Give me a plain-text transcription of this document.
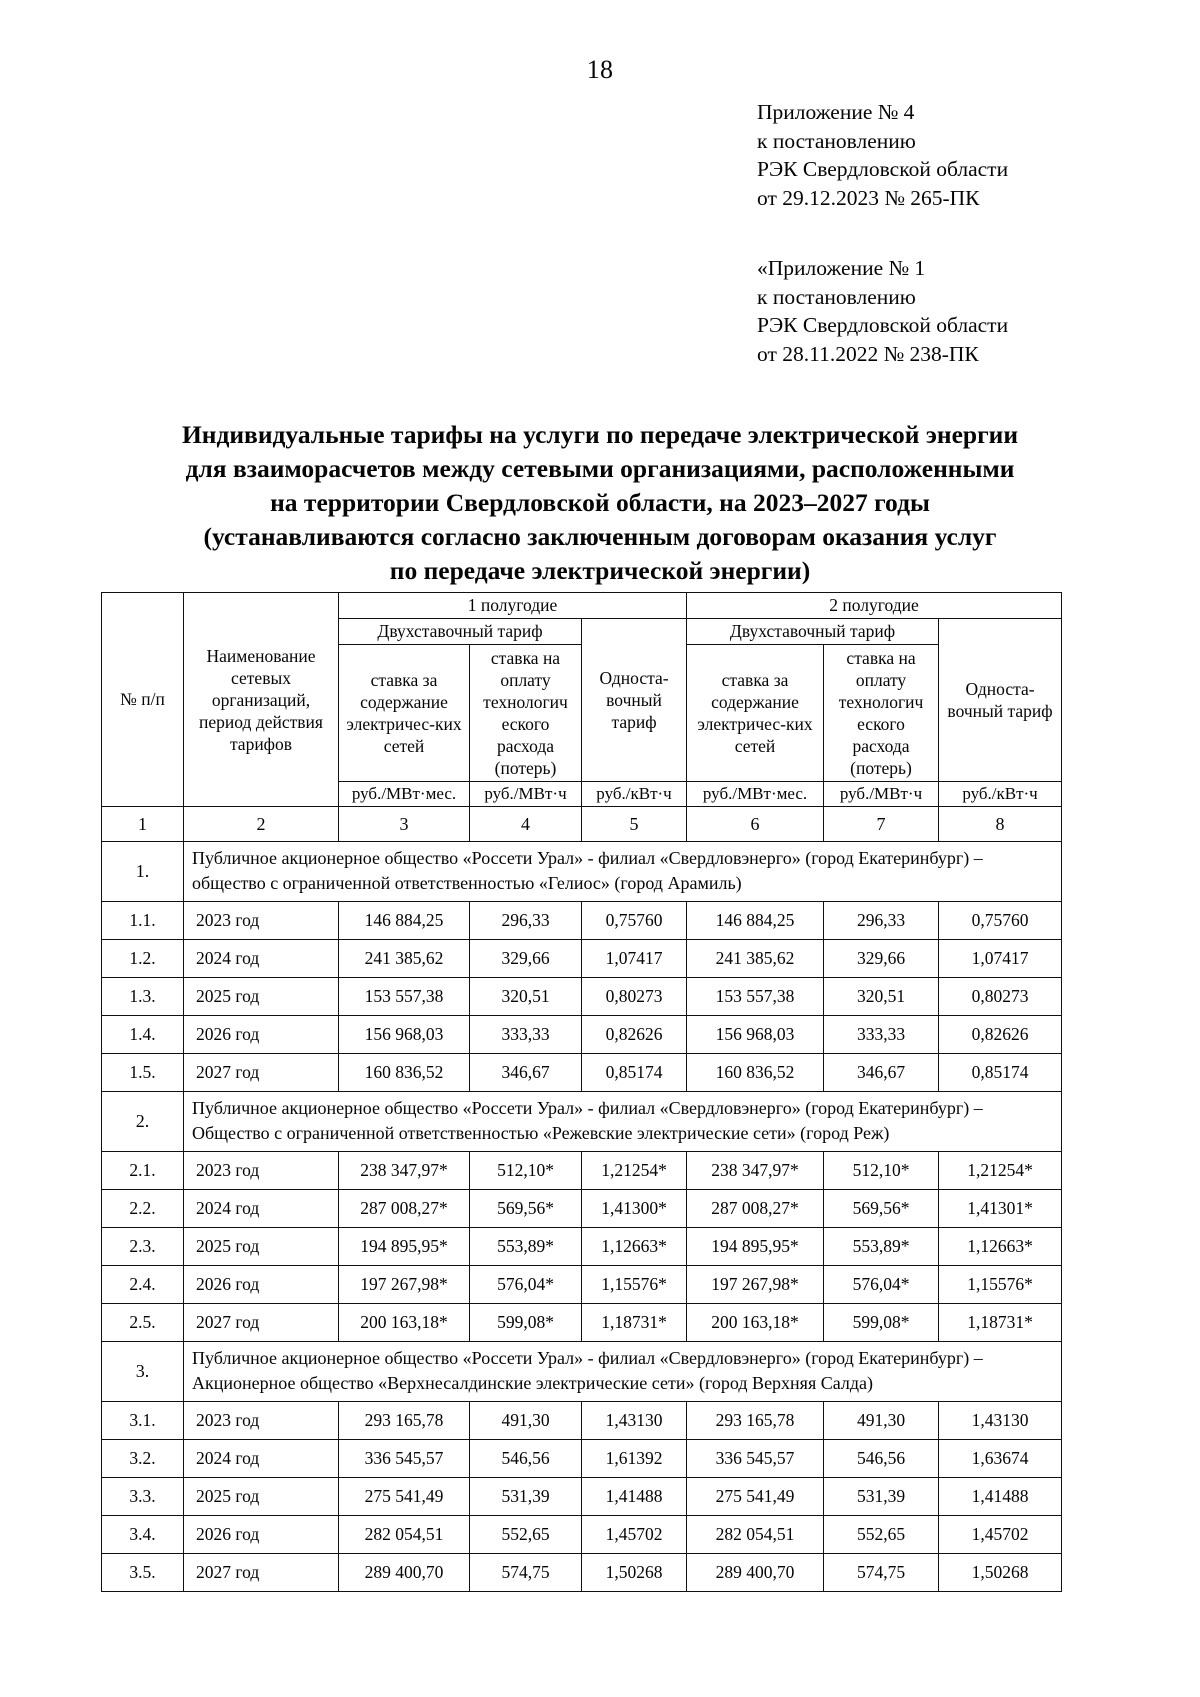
18
Приложение № 4
к постановлению
РЭК Свердловской области
от 29.12.2023 № 265-ПК
«Приложение № 1
к постановлению
РЭК Свердловской области
от 28.11.2022 № 238-ПК
Индивидуальные тарифы на услуги по передаче электрической энергии
для взаиморасчетов между сетевыми организациями, расположенными
на территории Свердловской области, на 2023–2027 годы
(устанавливаются согласно заключенным договорам оказания услуг
по передаче электрической энергии)
№ п/п	Наименование сетевых организаций, период действия тарифов	1 полугодие			2 полугодие		
		Двухставочный тариф		Односта-вочный тариф	Двухставочный тариф		Односта-вочный тариф
		ставка за содержание электричес-ких сетей	ставка на оплату технологич еского расхода (потерь)		ставка за содержание электричес-ких сетей	ставка на оплату технологич еского расхода (потерь)	
		руб./МВт·мес.	руб./МВт·ч	руб./кВт·ч	руб./МВт·мес.	руб./МВт·ч	руб./кВт·ч
1	2	3	4	5	6	7	8
1.	Публичное акционерное общество «Россети Урал» - филиал «Свердловэнерго» (город Екатеринбург) –
общество с ограниченной ответственностью «Гелиос» (город Арамиль)						

1.1.	2023 год	146 884,25	296,33	0,75760	146 884,25	296,33	0,75760
1.2.	2024 год	241 385,62	329,66	1,07417	241 385,62	329,66	1,07417
1.3.	2025 год	153 557,38	320,51	0,80273	153 557,38	320,51	0,80273
1.4.	2026 год	156 968,03	333,33	0,82626	156 968,03	333,33	0,82626
1.5.	2027 год	160 836,52	346,67	0,85174	160 836,52	346,67	0,85174
2.	Публичное акционерное общество «Россети Урал» - филиал «Свердловэнерго» (город Екатеринбург) –
Общество с ограниченной ответственностью «Режевские электрические сети» (город Реж)						

2.1.	2023 год	238 347,97*	512,10*	1,21254*	238 347,97*	512,10*	1,21254*
2.2.	2024 год	287 008,27*	569,56*	1,41300*	287 008,27*	569,56*	1,41301*
2.3.	2025 год	194 895,95*	553,89*	1,12663*	194 895,95*	553,89*	1,12663*
2.4.	2026 год	197 267,98*	576,04*	1,15576*	197 267,98*	576,04*	1,15576*
2.5.	2027 год	200 163,18*	599,08*	1,18731*	200 163,18*	599,08*	1,18731*
3.	Публичное акционерное общество «Россети Урал» - филиал «Свердловэнерго» (город Екатеринбург) –
Акционерное общество «Верхнесалдинские электрические сети» (город Верхняя Салда)						

3.1.	2023 год	293 165,78	491,30	1,43130	293 165,78	491,30	1,43130
3.2.	2024 год	336 545,57	546,56	1,61392	336 545,57	546,56	1,63674
3.3.	2025 год	275 541,49	531,39	1,41488	275 541,49	531,39	1,41488
3.4.	2026 год	282 054,51	552,65	1,45702	282 054,51	552,65	1,45702
3.5.	2027 год	289 400,70	574,75	1,50268	289 400,70	574,75	1,50268
